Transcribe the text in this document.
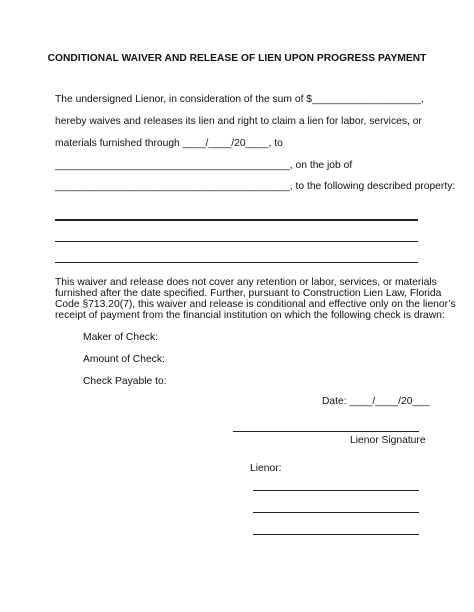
CONDITIONAL WAIVER AND RELEASE OF LIEN UPON PROGRESS PAYMENT
The undersigned Lienor, in consideration of the sum of $___________________,
hereby waives and releases its lien and right to claim a lien for labor, services, or
materials furnished through ____/____/20____, to
_________________________________________, on the job of
_________________________________________, to the following described property:
This waiver and release does not cover any retention or labor, services, or materials
furnished after the date specified. Further, pursuant to Construction Lien Law, Florida
Code §713.20(7), this waiver and release is conditional and effective only on the lienor’s
receipt of payment from the financial institution on which the following check is drawn:
Maker of Check:
Amount of Check:
Check Payable to:
Date: ____/____/20___
Lienor Signature
Lienor:
